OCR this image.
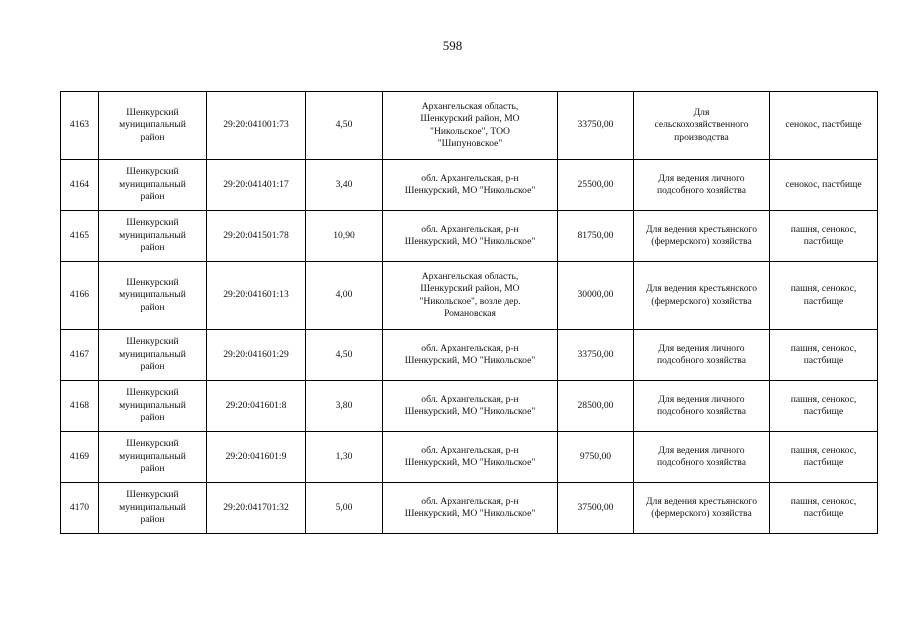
598
4163	Шенкурский
муниципальный
район	29:20:041001:73	4,50	Архангельская область,
Шенкурский район, МО
"Никольское", ТОО
"Шипуновское"	33750,00	Для
сельскохозяйственного
производства	сенокос, пастбище

4164	Шенкурский
муниципальный
район	29:20:041401:17	3,40	обл. Архангельская, р-н
Шенкурский, МО "Никольское"	25500,00	Для ведения личного
подсобного хозяйства	сенокос, пастбище

4165	Шенкурский
муниципальный
район	29:20:041501:78	10,90	обл. Архангельская, р-н
Шенкурский, МО "Никольское"	81750,00	Для ведения крестьянского
(фермерского) хозяйства	пашня, сенокос,
пастбище

4166	Шенкурский
муниципальный
район	29:20:041601:13	4,00	Архангельская область,
Шенкурский район, МО
"Никольское", возле дер.
Романовская	30000,00	Для ведения крестьянского
(фермерского) хозяйства	пашня, сенокос,
пастбище

4167	Шенкурский
муниципальный
район	29:20:041601:29	4,50	обл. Архангельская, р-н
Шенкурский, МО "Никольское"	33750,00	Для ведения личного
подсобного хозяйства	пашня, сенокос,
пастбище

4168	Шенкурский
муниципальный
район	29:20:041601:8	3,80	обл. Архангельская, р-н
Шенкурский, МО "Никольское"	28500,00	Для ведения личного
подсобного хозяйства	пашня, сенокос,
пастбище

4169	Шенкурский
муниципальный
район	29:20:041601:9	1,30	обл. Архангельская, р-н
Шенкурский, МО "Никольское"	9750,00	Для ведения личного
подсобного хозяйства	пашня, сенокос,
пастбище

4170	Шенкурский
муниципальный
район	29:20:041701:32	5,00	обл. Архангельская, р-н
Шенкурский, МО "Никольское"	37500,00	Для ведения крестьянского
(фермерского) хозяйства	пашня, сенокос,
пастбище
